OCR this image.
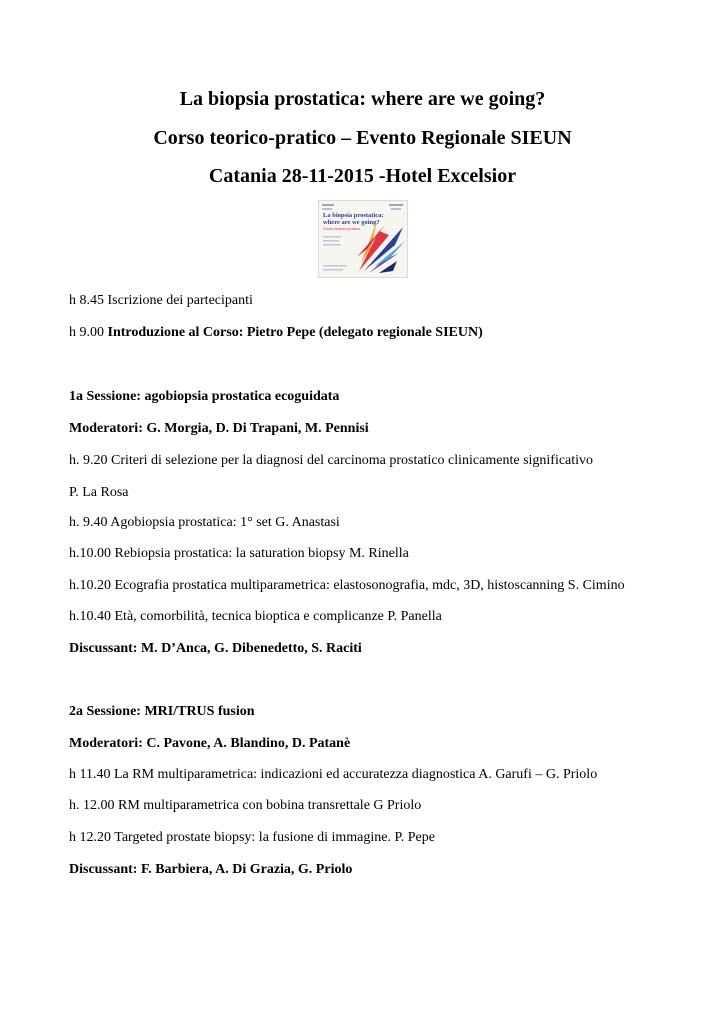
La biopsia prostatica: where are we going?
Corso teorico-pratico – Evento Regionale SIEUN
Catania 28-11-2015 -Hotel Excelsior
La biopsia prostatica:
where are we going?
Corso teorico-pratico

h 8.45 Iscrizione dei partecipanti

h 9.00 Introduzione al Corso: Pietro Pepe (delegato regionale SIEUN)

1a Sessione: agobiopsia prostatica ecoguidata

Moderatori: G. Morgia, D. Di Trapani, M. Pennisi

h. 9.20 Criteri di selezione per la diagnosi del carcinoma prostatico clinicamente significativo

P. La Rosa

h. 9.40 Agobiopsia prostatica: 1° set G. Anastasi

h.10.00 Rebiopsia prostatica: la saturation biopsy M. Rinella

h.10.20 Ecografia prostatica multiparametrica: elastosonografia, mdc, 3D, histoscanning S. Cimino

h.10.40 Età, comorbilità, tecnica bioptica e complicanze P. Panella

Discussant: M. D’Anca, G. Dibenedetto, S. Raciti

2a Sessione: MRI/TRUS fusion

Moderatori: C. Pavone, A. Blandino, D. Patanè

h 11.40 La RM multiparametrica: indicazioni ed accuratezza diagnostica A. Garufi – G. Priolo

h. 12.00 RM multiparametrica con bobina transrettale G Priolo

h 12.20 Targeted prostate biopsy: la fusione di immagine. P. Pepe

Discussant: F. Barbiera, A. Di Grazia, G. Priolo
